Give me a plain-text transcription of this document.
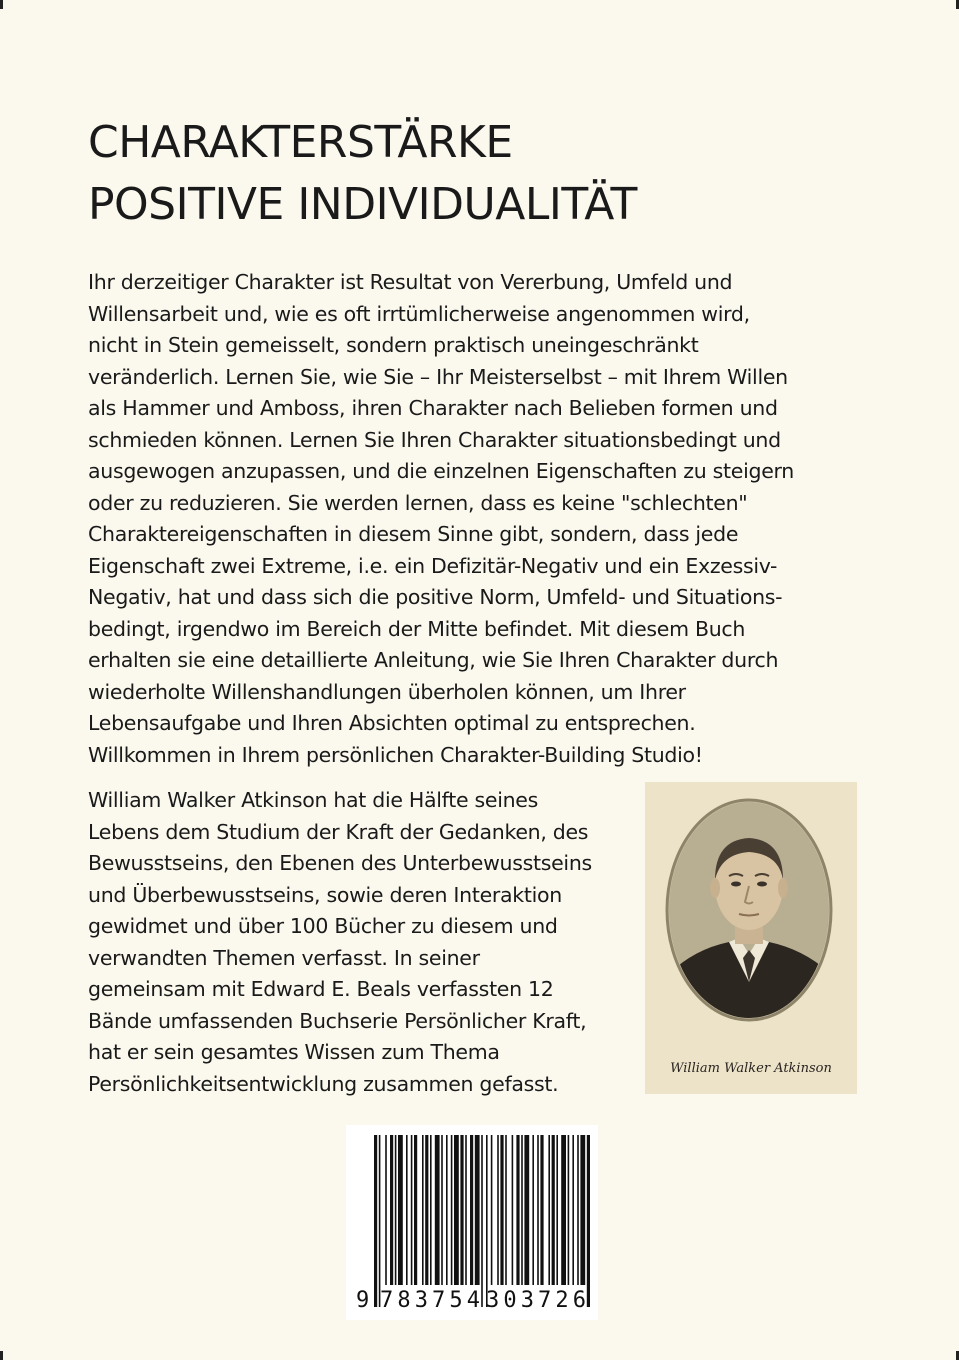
CHARAKTERSTÄRKE
POSITIVE INDIVIDUALITÄT
Ihr derzeitiger Charakter ist Resultat von Vererbung, Umfeld und
Willensarbeit und, wie es oft irrtümlicherweise angenommen wird,
nicht in Stein gemeisselt, sondern praktisch uneingeschränkt
veränderlich. Lernen Sie, wie Sie – Ihr Meisterselbst – mit Ihrem Willen
als Hammer und Amboss, ihren Charakter nach Belieben formen und
schmieden können. Lernen Sie Ihren Charakter situationsbedingt und
ausgewogen anzupassen, und die einzelnen Eigenschaften zu steigern
oder zu reduzieren. Sie werden lernen, dass es keine "schlechten"
Charaktereigenschaften in diesem Sinne gibt, sondern, dass jede
Eigenschaft zwei Extreme, i.e. ein Defizitär-Negativ und ein Exzessiv-
Negativ, hat und dass sich die positive Norm, Umfeld- und Situations-
bedingt, irgendwo im Bereich der Mitte befindet. Mit diesem Buch
erhalten sie eine detaillierte Anleitung, wie Sie Ihren Charakter durch
wiederholte Willenshandlungen überholen können, um Ihrer
Lebensaufgabe und Ihren Absichten optimal zu entsprechen.
Willkommen in Ihrem persönlichen Charakter-Building Studio!
William Walker Atkinson hat die Hälfte seines
Lebens dem Studium der Kraft der Gedanken, des
Bewusstseins, den Ebenen des Unterbewusstseins
und Überbewusstseins, sowie deren Interaktion
gewidmet und über 100 Bücher zu diesem und
verwandten Themen verfasst. In seiner
gemeinsam mit Edward E. Beals verfassten 12
Bände umfassenden Buchserie Persönlicher Kraft,
hat er sein gesamtes Wissen zum Thema
Persönlichkeitsentwicklung zusammen gefasst.
William Walker Atkinson
9 783754 303726
